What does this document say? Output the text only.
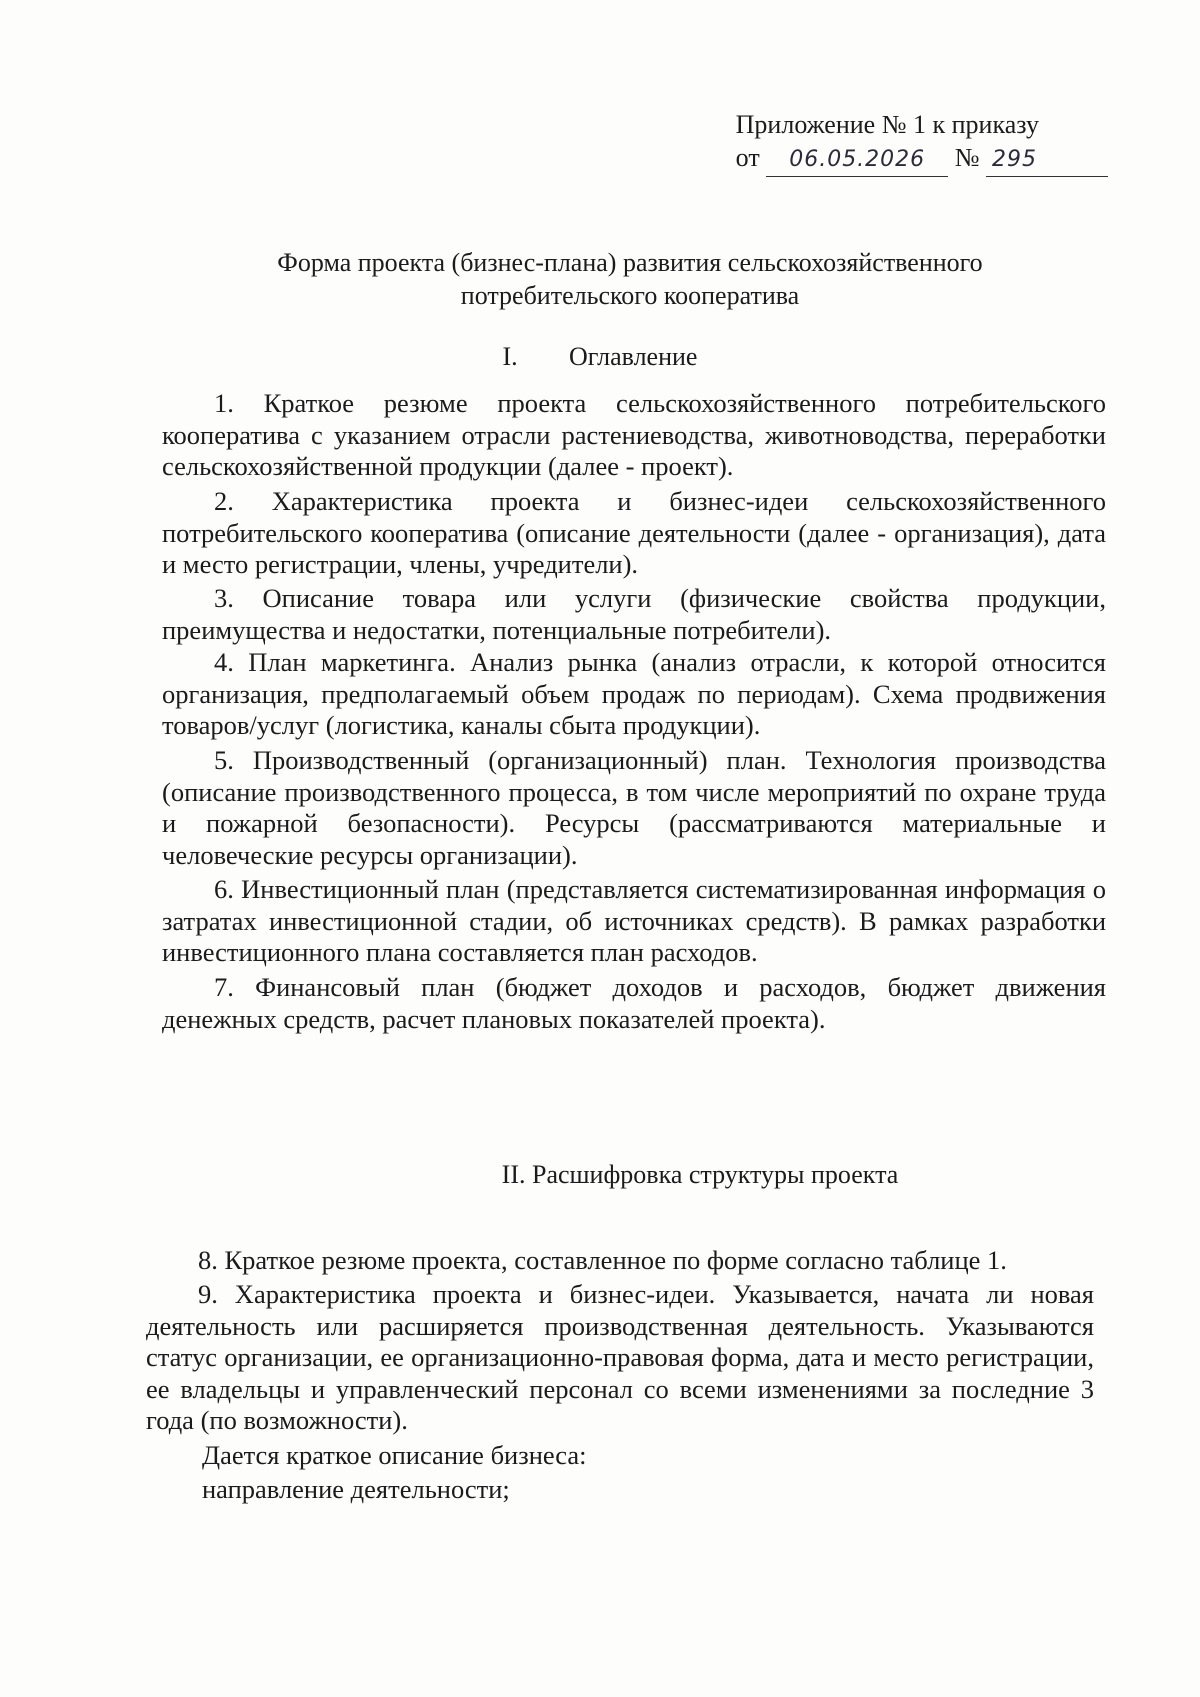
Приложение № 1 к приказу
от 06.05.2026 № 295
Форма проекта (бизнес-плана) развития сельскохозяйственного
потребительского кооператива
I. Оглавление

1. Краткое резюме проекта сельскохозяйственного потребительского кооператива с указанием отрасли растениеводства, животноводства, переработки сельскохозяйственной продукции (далее - проект).

2. Характеристика проекта и бизнес-идеи сельскохозяйственного потребительского кооператива (описание деятельности (далее - организация), дата и место регистрации, члены, учредители).

3. Описание товара или услуги (физические свойства продукции, преимущества и недостатки, потенциальные потребители).

4. План маркетинга. Анализ рынка (анализ отрасли, к которой относится организация, предполагаемый объем продаж по периодам). Схема продвижения товаров/услуг (логистика, каналы сбыта продукции).

5. Производственный (организационный) план. Технология производства (описание производственного процесса, в том числе мероприятий по охране труда и пожарной безопасности). Ресурсы (рассматриваются материальные и человеческие ресурсы организации).

6. Инвестиционный план (представляется систематизированная информация о затратах инвестиционной стадии, об источниках средств). В рамках разработки инвестиционного плана составляется план расходов.

7. Финансовый план (бюджет доходов и расходов, бюджет движения денежных средств, расчет плановых показателей проекта).

II. Расшифровка структуры проекта

8. Краткое резюме проекта, составленное по форме согласно таблице 1.

9. Характеристика проекта и бизнес-идеи. Указывается, начата ли новая деятельность или расширяется производственная деятельность. Указываются статус организации, ее организационно-правовая форма, дата и место регистрации, ее владельцы и управленческий персонал со всеми изменениями за последние 3 года (по возможности).

Дается краткое описание бизнеса:

направление деятельности;
